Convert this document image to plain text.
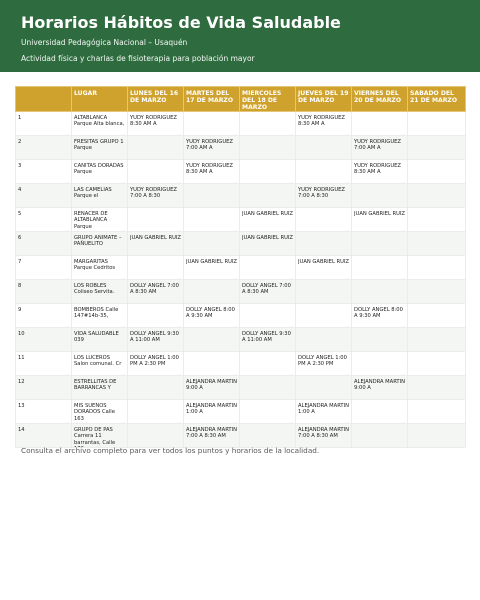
Horarios Hábitos de Vida Saludable
Universidad Pedagógica Nacional – Usaquén
Actividad física y charlas de fisioterapia para población mayor
	LUGAR	LUNES DEL 16 DE MARZO	MARTES DEL 17 DE MARZO	MIERCOLES DEL 18 DE MARZO	JUEVES DEL 19 DE MARZO	VIERNES DEL 20 DE MARZO	SABADO DEL 21 DE MARZO

1	ALTABLANCA Parque Alta blanca,	YUDY RODRIGUEZ 8:30 AM A			YUDY RODRIGUEZ 8:30 AM A		

2	FRESITAS GRUPO 1 Parque		YUDY RODRIGUEZ 7:00 AM A			YUDY RODRIGUEZ 7:00 AM A	

3	CANITAS DORADAS Parque		YUDY RODRIGUEZ 8:30 AM A			YUDY RODRIGUEZ 8:30 AM A	

4	LAS CAMELIAS Parque el	YUDY RODRIGUEZ 7:00 A 8:30			YUDY RODRIGUEZ 7:00 A 8:30		

5	RENACER DE ALTABLANCA Parque			JUAN GABRIEL RUIZ		JUAN GABRIEL RUIZ	

6	GRUPO ANIMATE – PAÑUELITO	JUAN GABRIEL RUIZ		JUAN GABRIEL RUIZ			

7	MARGARITAS Parque Cedritos		JUAN GABRIEL RUIZ		JUAN GABRIEL RUIZ		

8	LOS ROBLES Coliseo Servita.	DOLLY ANGEL 7:00 A 8:30 AM		DOLLY ANGEL 7:00 A 8:30 AM			

9	BOMBEROS Calle 147#14b-35,		DOLLY ANGEL 8:00 A 9:30 AM			DOLLY ANGEL 8:00 A 9:30 AM	

10	VIDA SALUDABLE 039	DOLLY ANGEL 9:30 A 11:00 AM		DOLLY ANGEL 9:30 A 11:00 AM			

11	LOS LUCEROS Salon comunal. Cr	DOLLY ANGEL 1:00 PM A 2:30 PM			DOLLY ANGEL 1:00 PM A 2:30 PM		

12	ESTRELLITAS DE BARRANCAS Y		ALEJANDRA MARTIN 9:00 A			ALEJANDRA MARTIN 9:00 A	

13	MIS SUEÑOS DORADOS Calle 163		ALEJANDRA MARTIN 1:00 A		ALEJANDRA MARTIN 1:00 A		

14	GRUPO DE PAS Carrera 11 barrantas, Calle		ALEJANDRA MARTIN 7:00 A 8:30 AM		ALEJANDRA MARTIN 7:00 A 8:30 AM		

Consulta el archivo completo para ver todos los puntos y horarios de la localidad.
